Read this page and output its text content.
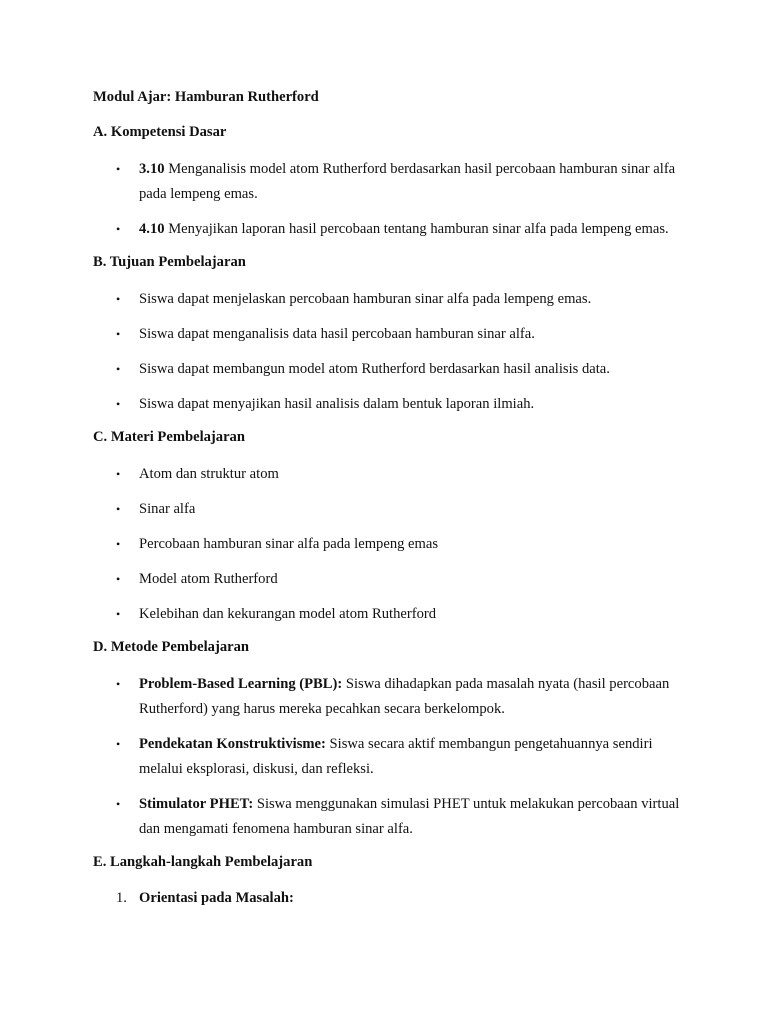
Modul Ajar: Hamburan Rutherford

A. Kompetensi Dasar

• 3.10 Menganalisis model atom Rutherford berdasarkan hasil percobaan hamburan sinar alfa pada lempeng emas.
• 4.10 Menyajikan laporan hasil percobaan tentang hamburan sinar alfa pada lempeng emas.

B. Tujuan Pembelajaran

• Siswa dapat menjelaskan percobaan hamburan sinar alfa pada lempeng emas.
• Siswa dapat menganalisis data hasil percobaan hamburan sinar alfa.
• Siswa dapat membangun model atom Rutherford berdasarkan hasil analisis data.
• Siswa dapat menyajikan hasil analisis dalam bentuk laporan ilmiah.

C. Materi Pembelajaran

• Atom dan struktur atom
• Sinar alfa
• Percobaan hamburan sinar alfa pada lempeng emas
• Model atom Rutherford
• Kelebihan dan kekurangan model atom Rutherford

D. Metode Pembelajaran

• Problem-Based Learning (PBL): Siswa dihadapkan pada masalah nyata (hasil percobaan Rutherford) yang harus mereka pecahkan secara berkelompok.
• Pendekatan Konstruktivisme: Siswa secara aktif membangun pengetahuannya sendiri melalui eksplorasi, diskusi, dan refleksi.
• Stimulator PHET: Siswa menggunakan simulasi PHET untuk melakukan percobaan virtual dan mengamati fenomena hamburan sinar alfa.

E. Langkah-langkah Pembelajaran

1. Orientasi pada Masalah:
